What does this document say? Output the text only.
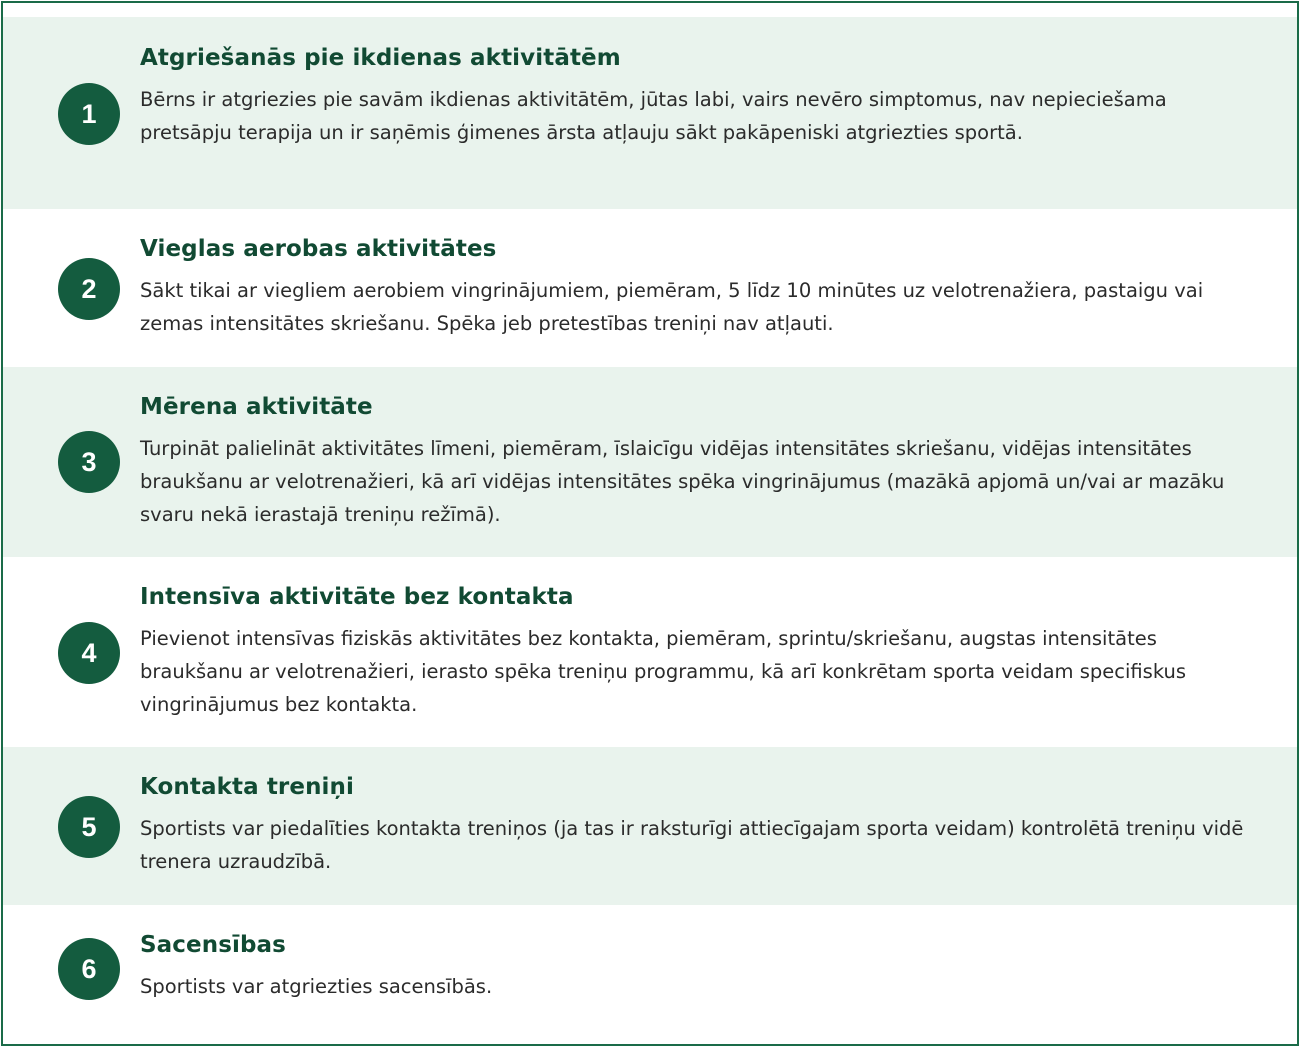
1
Atgriešanās pie ikdienas aktivitātēm

Bērns ir atgriezies pie savām ikdienas aktivitātēm, jūtas labi, vairs nevēro simptomus, nav nepieciešama pretsāpju terapija un ir saņēmis ģimenes ārsta atļauju sākt pakāpeniski atgriezties sportā.

2
Vieglas aerobas aktivitātes

Sākt tikai ar viegliem aerobiem vingrinājumiem, piemēram, 5 līdz 10 minūtes uz velotrenažiera, pastaigu vai zemas intensitātes skriešanu. Spēka jeb pretestības treniņi nav atļauti.

3
Mērena aktivitāte

Turpināt palielināt aktivitātes līmeni, piemēram, īslaicīgu vidējas intensitātes skriešanu, vidējas intensitātes braukšanu ar velotrenažieri, kā arī vidējas intensitātes spēka vingrinājumus (mazākā apjomā un/vai ar mazāku svaru nekā ierastajā treniņu režīmā).

4
Intensīva aktivitāte bez kontakta

Pievienot intensīvas fiziskās aktivitātes bez kontakta, piemēram, sprintu/skriešanu, augstas intensitātes braukšanu ar velotrenažieri, ierasto spēka treniņu programmu, kā arī konkrētam sporta veidam specifiskus vingrinājumus bez kontakta.

5
Kontakta treniņi

Sportists var piedalīties kontakta treniņos (ja tas ir raksturīgi attiecīgajam sporta veidam) kontrolētā treniņu vidē trenera uzraudzībā.

6
Sacensības

Sportists var atgriezties sacensībās.
